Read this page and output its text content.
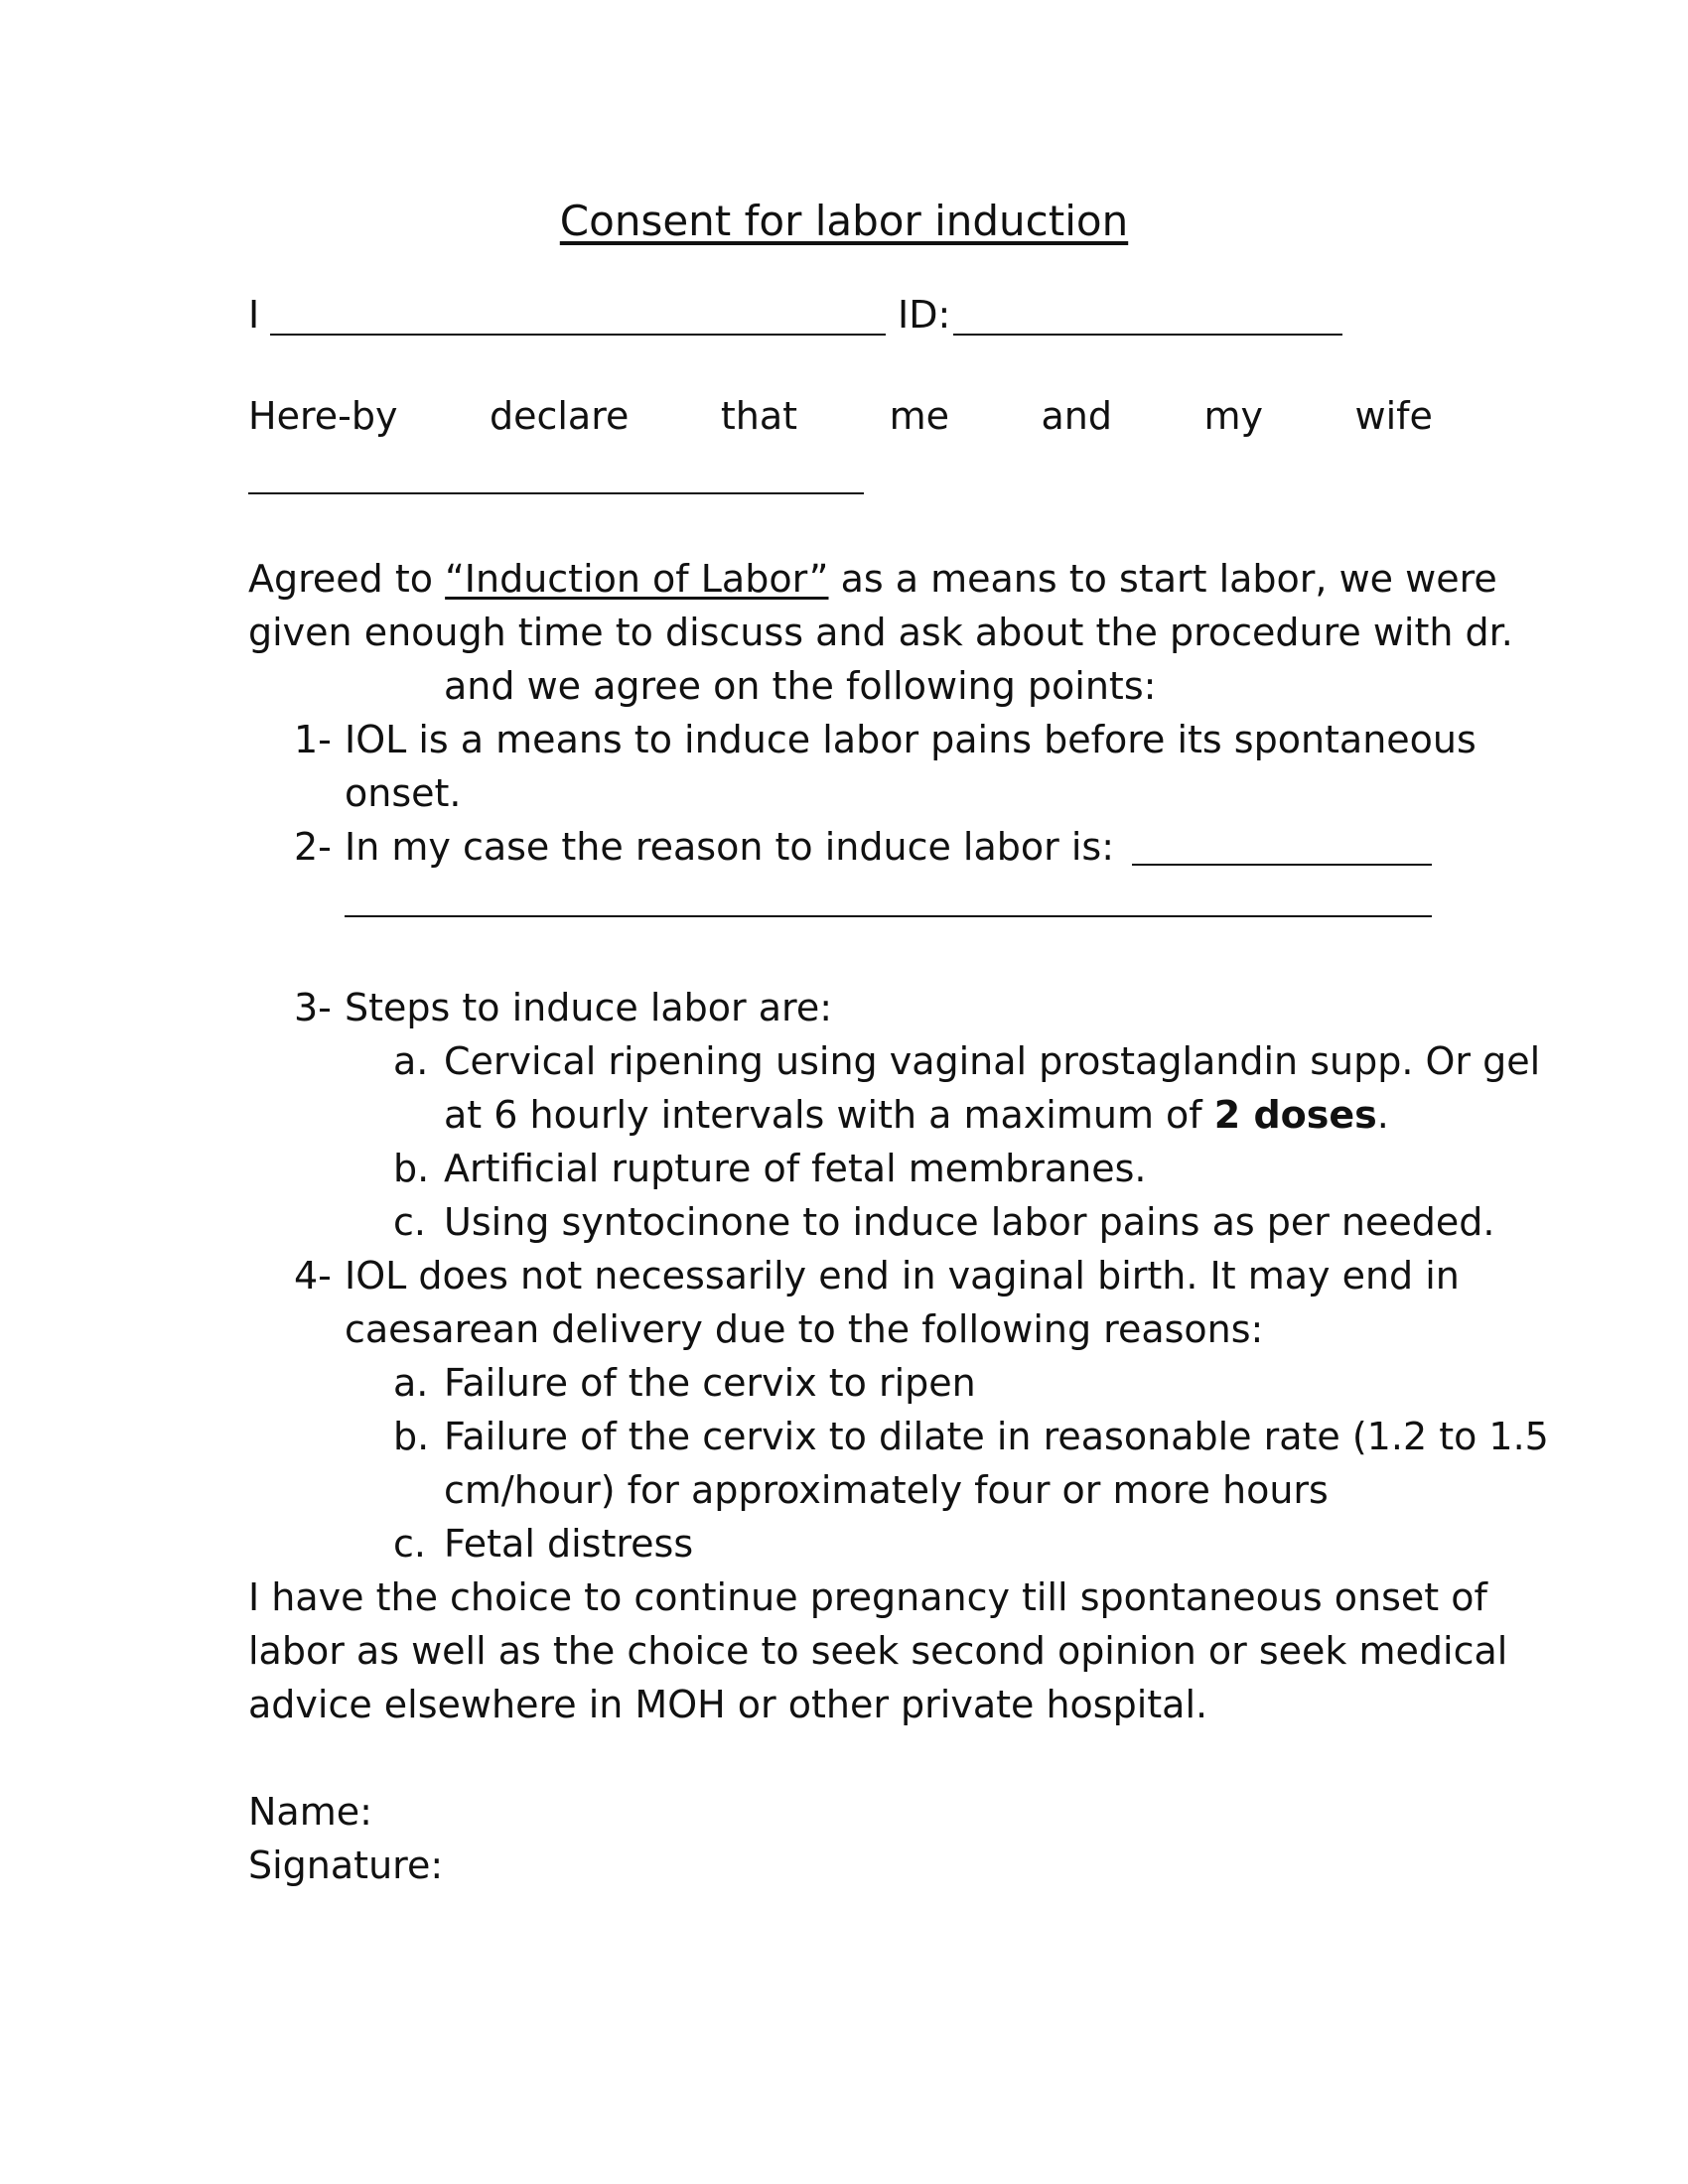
Consent for labor induction
I	ID:
Here-by declare that me and my wife
Agreed to “Induction of Labor” as a means to start labor, we were
given enough time to discuss and ask about the procedure with dr.
and we agree on the following points:
1- IOL is a means to induce labor pains before its spontaneous
onset.
2- In my case the reason to induce labor is:
3- Steps to induce labor are:
a. Cervical ripening using vaginal prostaglandin supp. Or gel
at 6 hourly intervals with a maximum of 2 doses.
b. Artificial rupture of fetal membranes.
c. Using syntocinone to induce labor pains as per needed.
4- IOL does not necessarily end in vaginal birth. It may end in
caesarean delivery due to the following reasons:
a. Failure of the cervix to ripen
b. Failure of the cervix to dilate in reasonable rate (1.2 to 1.5
cm/hour) for approximately four or more hours
c. Fetal distress
I have the choice to continue pregnancy till spontaneous onset of
labor as well as the choice to seek second opinion or seek medical
advice elsewhere in MOH or other private hospital.
Name:
Signature:
